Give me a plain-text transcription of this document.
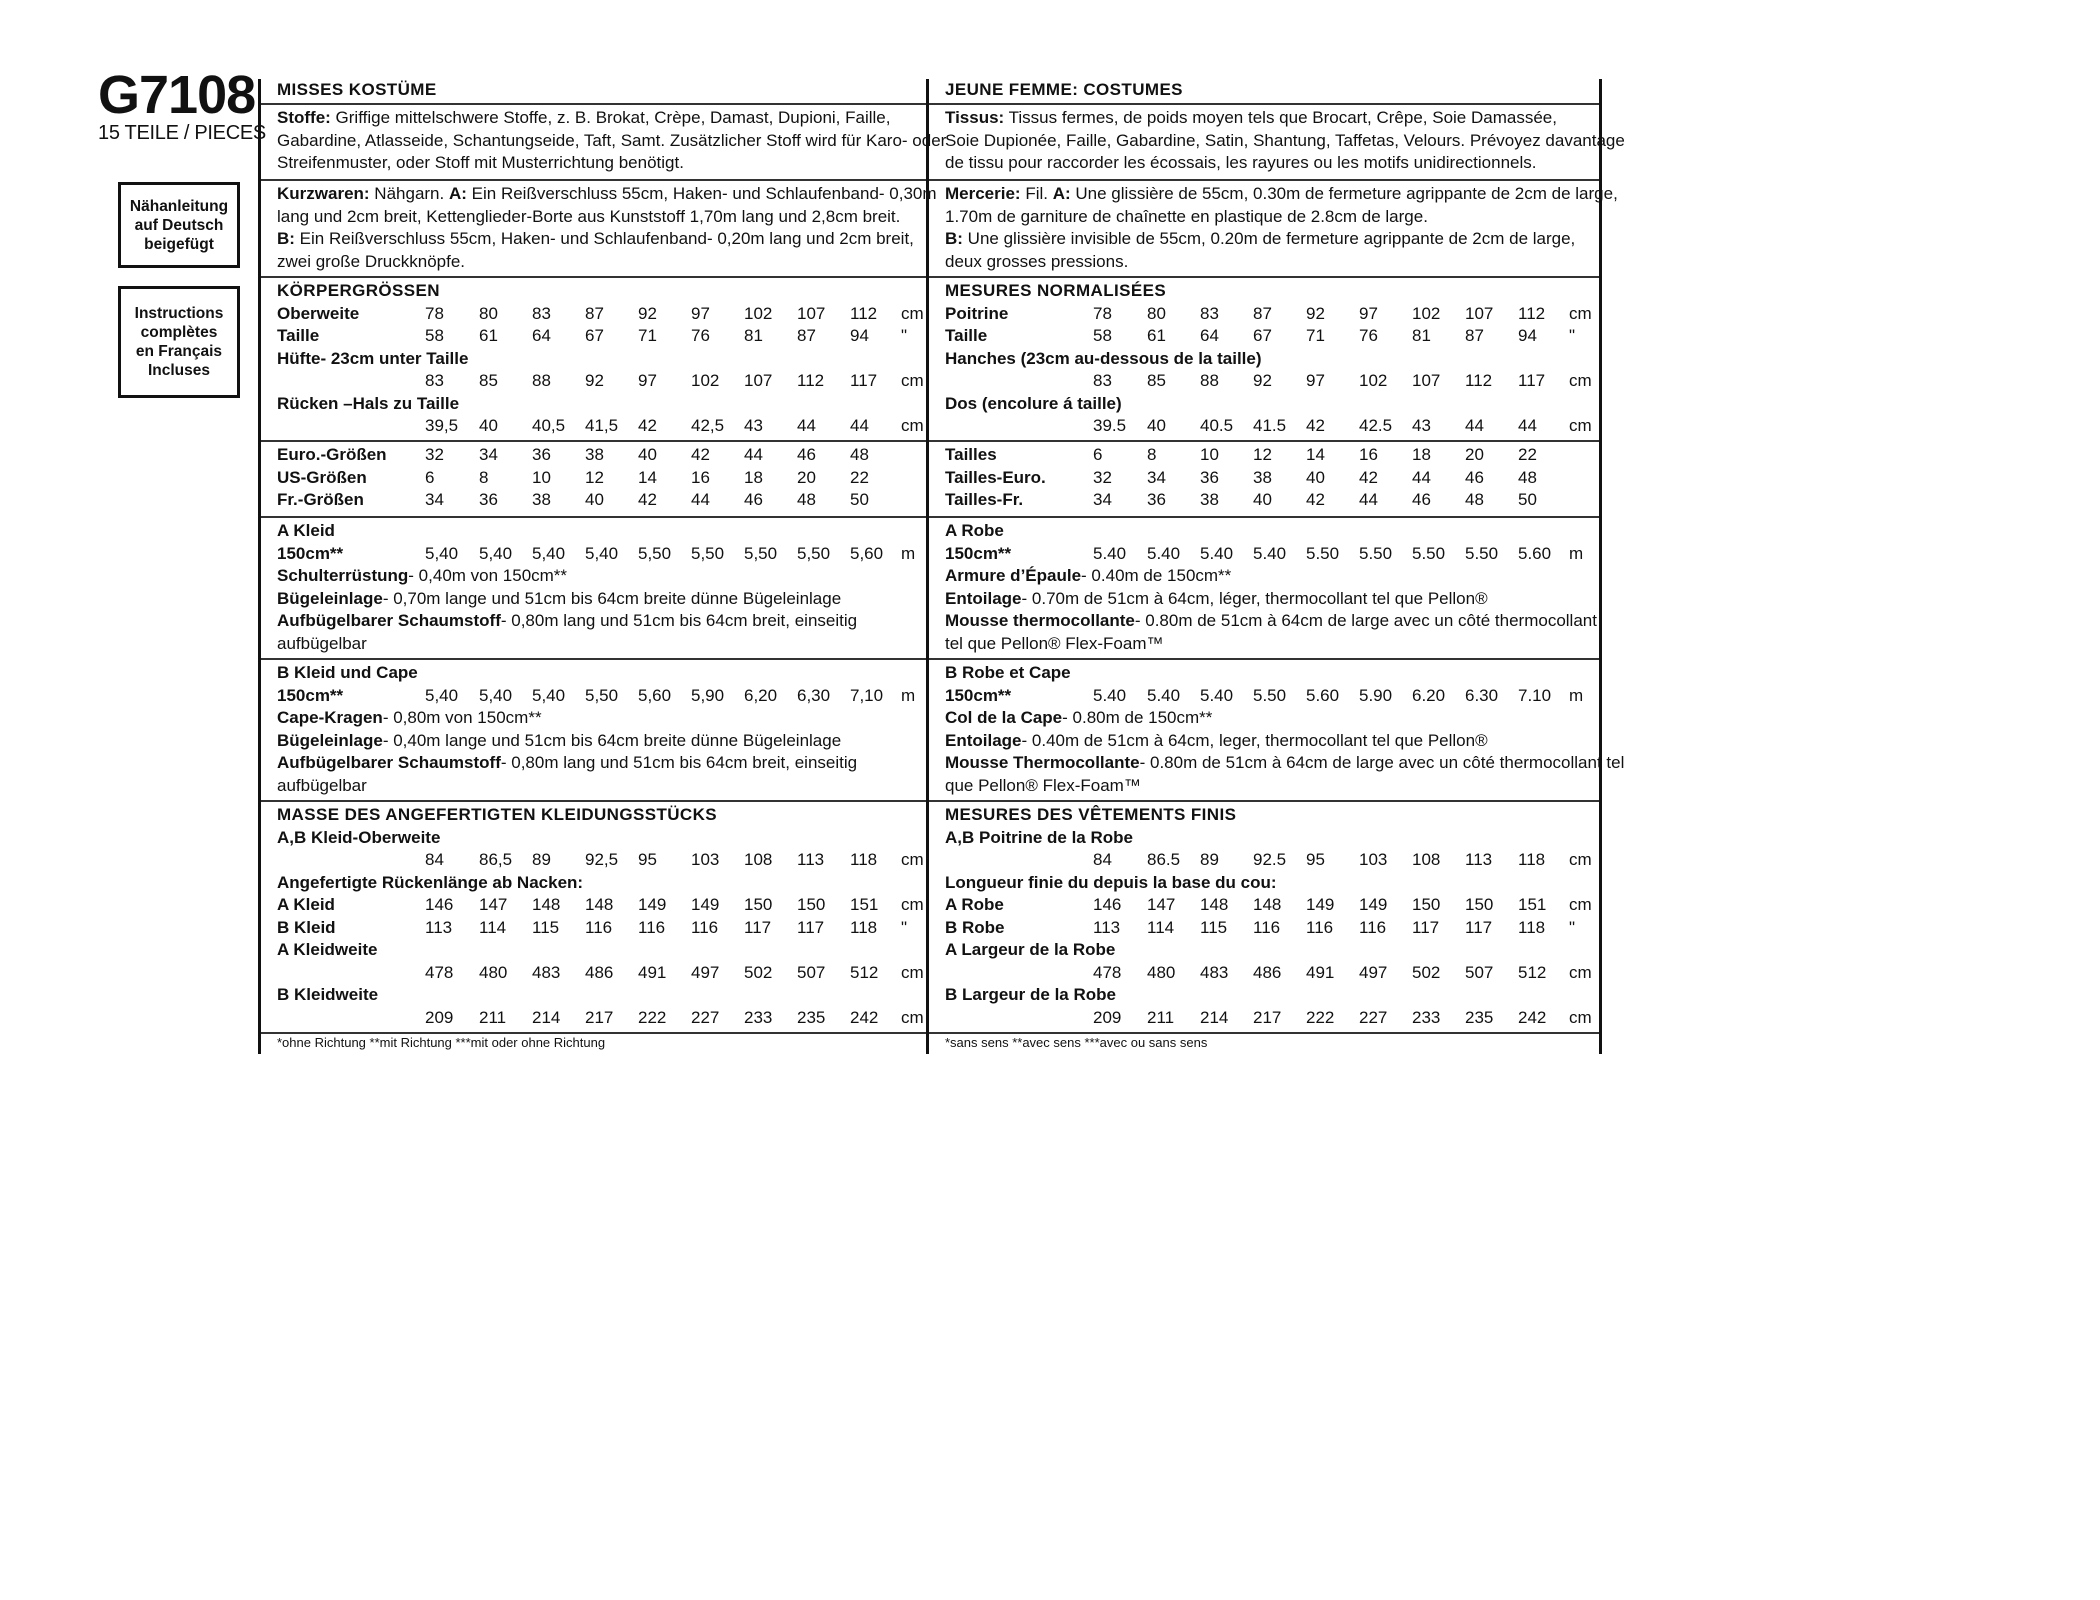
G7108
15 TEILE / PIECES
Nähanleitung
auf Deutsch
beigefügt
Instructions
complètes
en Français
Incluses
MISSES KOSTÜME
Stoffe: Griffige mittelschwere Stoffe, z. B. Brokat, Crèpe, Damast, Dupioni, Faille,
Gabardine, Atlasseide, Schantungseide, Taft, Samt. Zusätzlicher Stoff wird für Karo- oder
Streifenmuster, oder Stoff mit Musterrichtung benötigt.
Kurzwaren: Nähgarn. A: Ein Reißverschluss 55cm, Haken- und Schlaufenband- 0,30m
lang und 2cm breit, Kettenglieder-Borte aus Kunststoff 1,70m lang und 2,8cm breit.
B: Ein Reißverschluss 55cm, Haken- und Schlaufenband- 0,20m lang und 2cm breit,
zwei große Druckknöpfe.
KÖRPERGRÖSSEN
Oberweite	78 80 83 87 92 97 102 107 112 cm
Taille	58 61 64 67 71 76 81 87 94 "
Hüfte- 23cm unter Taille
83 85 88 92 97 102 107 112 117 cm
Rücken –Hals zu Taille
39,5 40 40,5 41,5 42 42,5 43 44 44 cm
Euro.-Größen 32 34 36 38 40 42 44 46 48
US-Größen	6	8	10 12 14 16 18 20 22
Fr.-Größen	34 36 38 40 42 44 46 48 50
A Kleid
150cm**	5,40 5,40 5,40 5,40 5,50 5,50 5,50 5,50 5,60 m
Schulterrüstung- 0,40m von 150cm**
Bügeleinlage- 0,70m lange und 51cm bis 64cm breite dünne Bügeleinlage
Aufbügelbarer Schaumstoff- 0,80m lang und 51cm bis 64cm breit, einseitig
aufbügelbar
B Kleid und Cape
150cm**	5,40 5,40 5,40 5,50 5,60 5,90 6,20 6,30 7,10 m
Cape-Kragen- 0,80m von 150cm**
Bügeleinlage- 0,40m lange und 51cm bis 64cm breite dünne Bügeleinlage
Aufbügelbarer Schaumstoff- 0,80m lang und 51cm bis 64cm breit, einseitig
aufbügelbar
MASSE DES ANGEFERTIGTEN KLEIDUNGSSTÜCKS
A,B Kleid-Oberweite
84 86,5 89 92,5 95 103 108 113 118 cm
Angefertigte Rückenlänge ab Nacken:
A Kleid	146 147 148 148 149 149 150 150 151 cm
B Kleid	113 114 115 116 116 116 117 117 118 "
A Kleidweite
478 480 483 486 491 497 502 507 512 cm
B Kleidweite
209 211 214 217 222 227 233 235 242 cm
*ohne Richtung **mit Richtung ***mit oder ohne Richtung
JEUNE FEMME: COSTUMES
Tissus: Tissus fermes, de poids moyen tels que Brocart, Crêpe, Soie Damassée,
Soie Dupionée, Faille, Gabardine, Satin, Shantung, Taffetas, Velours. Prévoyez davantage
de tissu pour raccorder les écossais, les rayures ou les motifs unidirectionnels.
Mercerie: Fil. A: Une glissière de 55cm, 0.30m de fermeture agrippante de 2cm de large,
1.70m de garniture de chaînette en plastique de 2.8cm de large.
B: Une glissière invisible de 55cm, 0.20m de fermeture agrippante de 2cm de large,
deux grosses pressions.
MESURES NORMALISÉES
Poitrine	78 80 83 87 92 97 102 107 112 cm
Taille	58 61 64 67 71 76 81 87 94 "
Hanches (23cm au-dessous de la taille)
83 85 88 92 97 102 107 112 117 cm
Dos (encolure á taille)
39.5 40 40.5 41.5 42 42.5 43 44 44 cm
Tailles	6	8	10 12 14 16 18 20 22
Tailles-Euro.	32 34 36 38 40 42 44 46 48
Tailles-Fr.	34 36 38 40 42 44 46 48 50
A Robe
150cm**	5.40 5.40 5.40 5.40 5.50 5.50 5.50 5.50 5.60 m
Armure d’Épaule- 0.40m de 150cm**
Entoilage- 0.70m de 51cm à 64cm, léger, thermocollant tel que Pellon®
Mousse thermocollante- 0.80m de 51cm à 64cm de large avec un côté thermocollant
tel que Pellon® Flex-Foam™
B Robe et Cape
150cm**	5.40 5.40 5.40 5.50 5.60 5.90 6.20 6.30 7.10 m
Col de la Cape- 0.80m de 150cm**
Entoilage- 0.40m de 51cm à 64cm, leger, thermocollant tel que Pellon®
Mousse Thermocollante- 0.80m de 51cm à 64cm de large avec un côté thermocollant tel
que Pellon® Flex-Foam™
MESURES DES VÊTEMENTS FINIS
A,B Poitrine de la Robe
84 86.5 89 92.5 95 103 108 113 118 cm
Longueur finie du depuis la base du cou:
A Robe	146 147 148 148 149 149 150 150 151 cm
B Robe	113 114 115 116 116 116 117 117 118 "
A Largeur de la Robe
478 480 483 486 491 497 502 507 512 cm
B Largeur de la Robe
209 211 214 217 222 227 233 235 242 cm
*sans sens **avec sens ***avec ou sans sens
